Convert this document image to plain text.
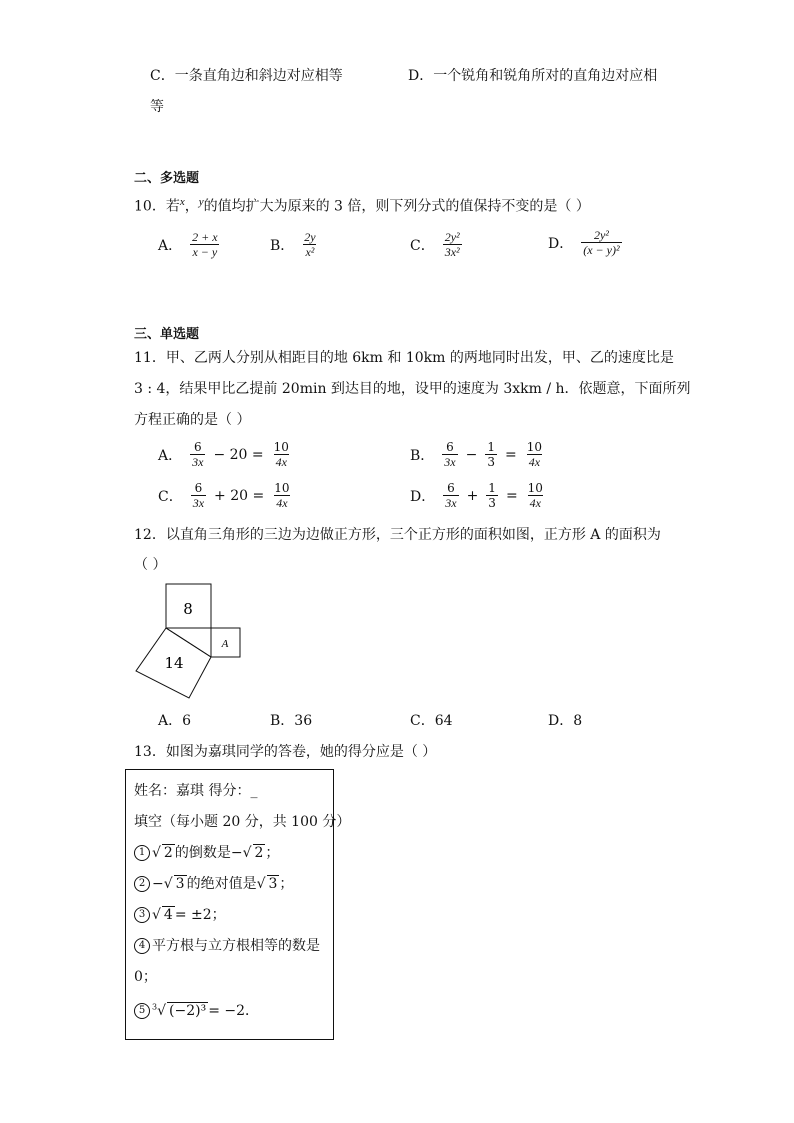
C．一条直角边和斜边对应相等	D．一个锐角和锐角所对的直角边对应相
等
二、多选题
10．若$^x$，$^y$的值均扩大为原来的 3 倍，则下列分式的值保持不变的是（ ）
A． $\frac{2 + x}{x - y}$	B． $\frac{2y}{\text{x²}}$	C． $\frac{\text{2y²}}{\text{3x²}}$	D． $\frac{\text{2y²}}{\text{(x − y)²}}$
三、单选题
11．甲、乙两人分别从相距目的地 6km 和 10km 的两地同时出发，甲、乙的速度比是
3 : 4，结果甲比乙提前 20min 到达目的地，设甲的速度为 3xkm / h．依题意，下面所列
方程正确的是（ ）
A． $\frac{6}{3x} - 20 = \frac{10}{4x}$	B． $\frac{6}{3x} - \frac{1}{3} = \frac{10}{4x}$
C． $\frac{6}{3x} + 20 = \frac{10}{4x}$	D． $\frac{6}{3x} + \frac{1}{3} = \frac{10}{4x}$
12．以直角三角形的三边为边做正方形，三个正方形的面积如图，正方形 A 的面积为
（ ）
8
14
A
A．6	B．36	C．64	D．8
13．如图为嘉琪同学的答卷，她的得分应是（ ）
姓名：嘉琪 得分：_
填空（每小题 20 分，共 100 分）
1 √ 2 的倒数是−√ 2 ；
2 −√ 3 的绝对值是√ 3 ；
3 √ 4 = ±2；
4 平方根与立方根相等的数是
0；
5 $^3$√ (−2)³ = −2．
